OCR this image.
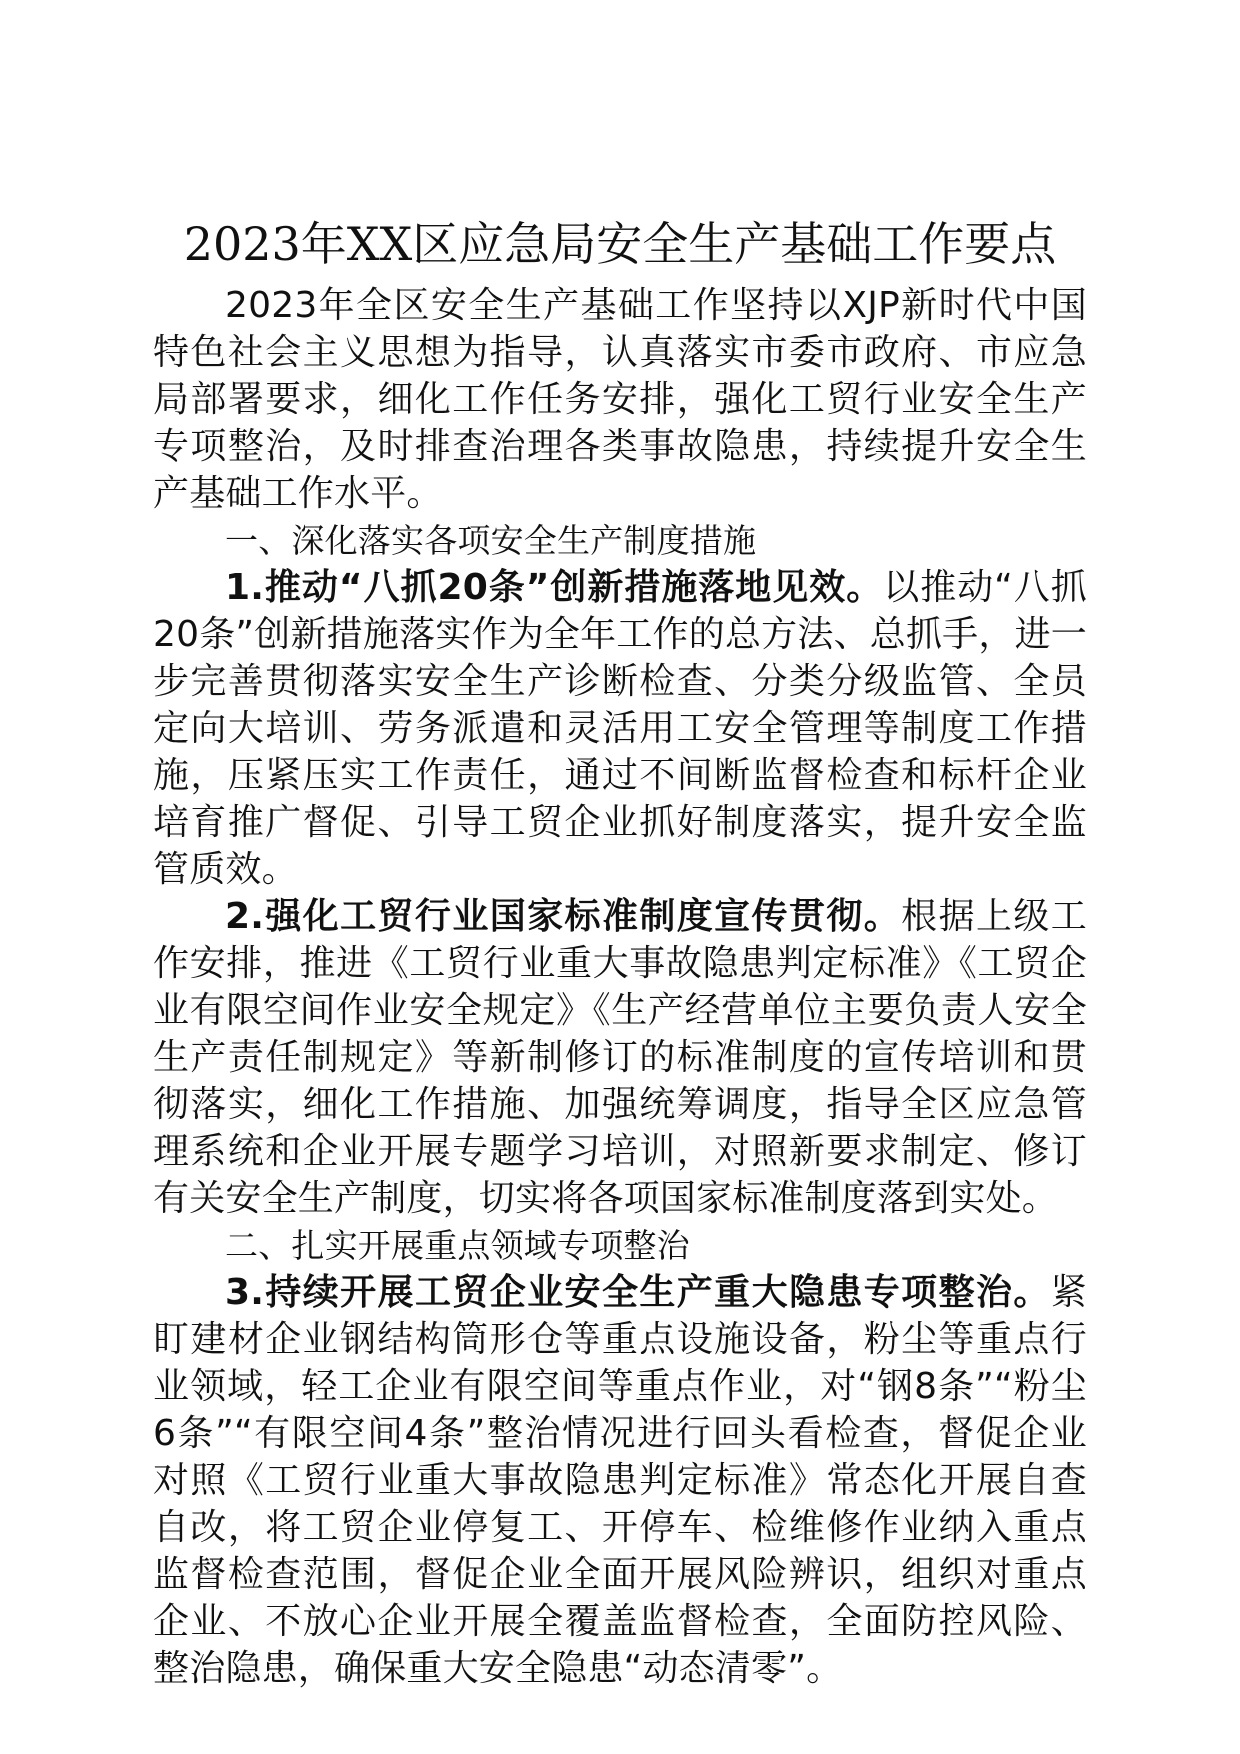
2023年XX区应急局安全生产基础工作要点

2023年全区安全生产基础工作坚持以XJP新时代中国特色社会主义思想为指导，认真落实市委市政府、市应急局部署要求，细化工作任务安排，强化工贸行业安全生产专项整治，及时排查治理各类事故隐患，持续提升安全生产基础工作水平。

一、深化落实各项安全生产制度措施

1.推动“八抓20条”创新措施落地见效。以推动“八抓20条”创新措施落实作为全年工作的总方法、总抓手，进一步完善贯彻落实安全生产诊断检查、分类分级监管、全员定向大培训、劳务派遣和灵活用工安全管理等制度工作措施，压紧压实工作责任，通过不间断监督检查和标杆企业培育推广督促、引导工贸企业抓好制度落实，提升安全监管质效。

2.强化工贸行业国家标准制度宣传贯彻。根据上级工作安排，推进《工贸行业重大事故隐患判定标准》《工贸企业有限空间作业安全规定》《生产经营单位主要负责人安全生产责任制规定》等新制修订的标准制度的宣传培训和贯彻落实，细化工作措施、加强统筹调度，指导全区应急管理系统和企业开展专题学习培训，对照新要求制定、修订有关安全生产制度，切实将各项国家标准制度落到实处。

二、扎实开展重点领域专项整治

3.持续开展工贸企业安全生产重大隐患专项整治。紧盯建材企业钢结构筒形仓等重点设施设备，粉尘等重点行业领域，轻工企业有限空间等重点作业，对“钢8条”“粉尘6条”“有限空间4条”整治情况进行回头看检查，督促企业对照《工贸行业重大事故隐患判定标准》常态化开展自查自改，将工贸企业停复工、开停车、检维修作业纳入重点监督检查范围，督促企业全面开展风险辨识，组织对重点企业、不放心企业开展全覆盖监督检查，全面防控风险、整治隐患，确保重大安全隐患“动态清零”。
